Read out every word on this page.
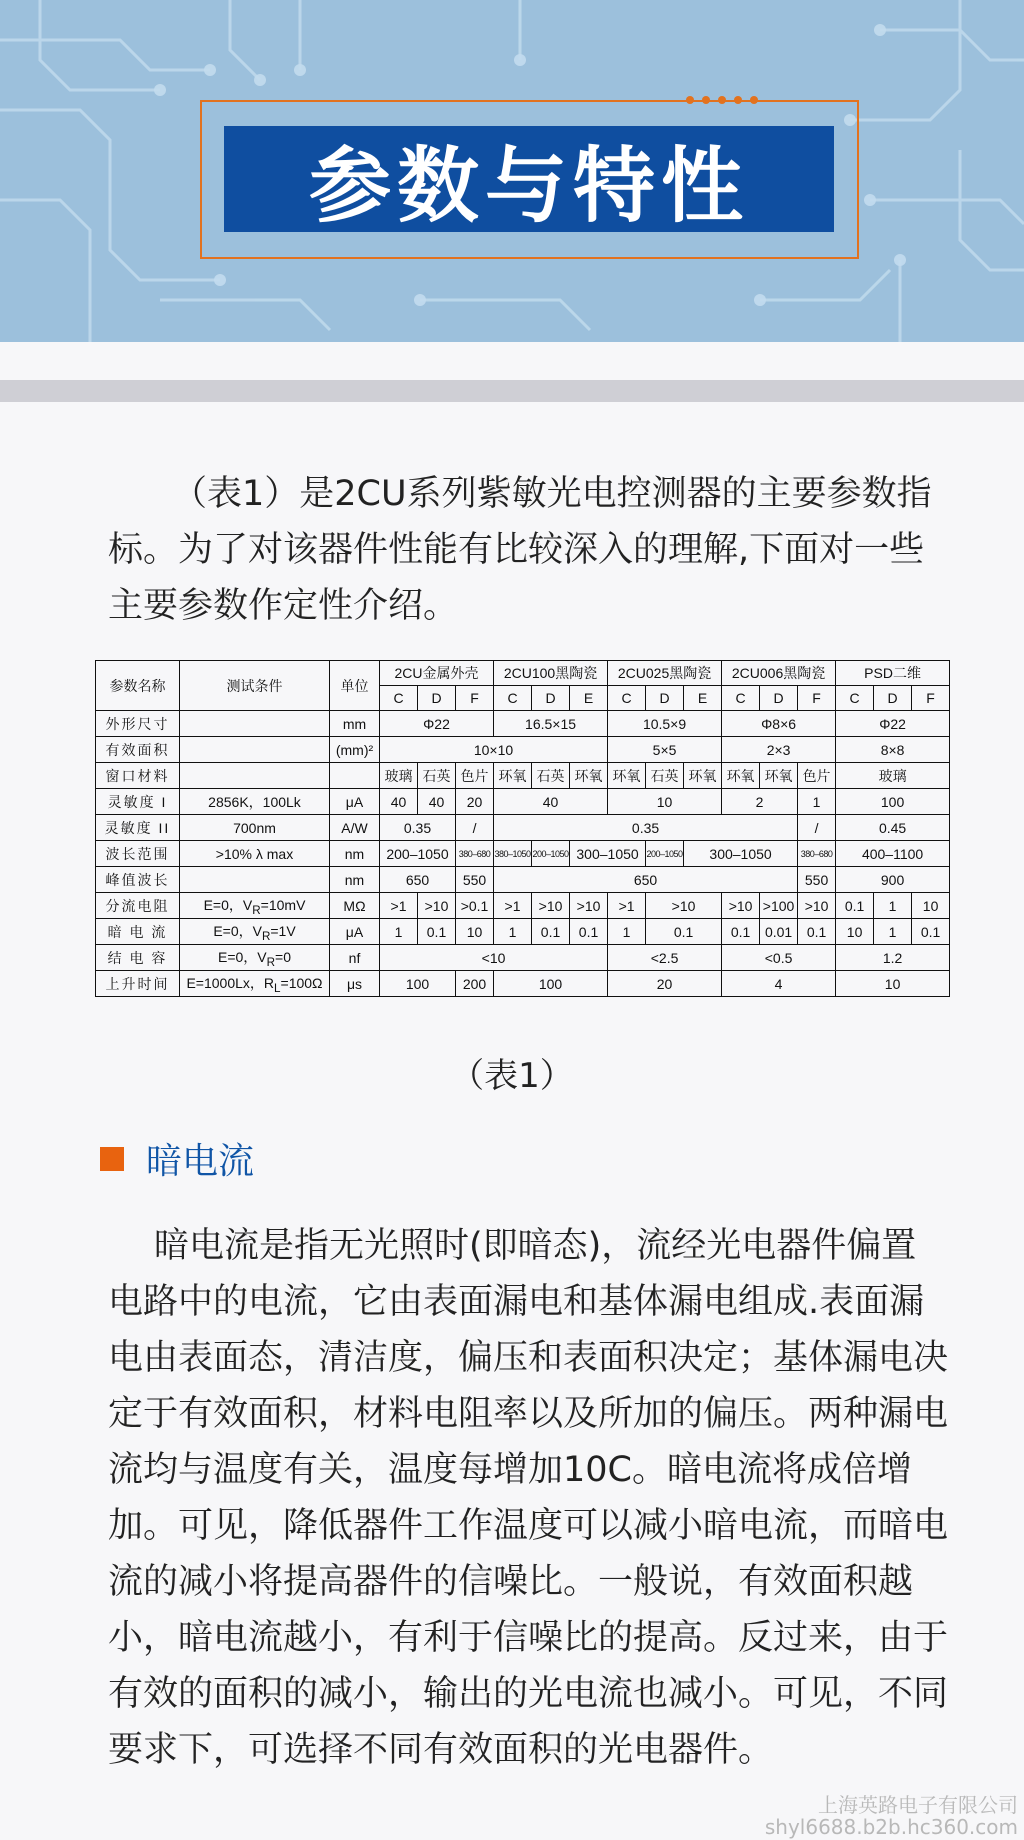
参数与特性
（表1）是2CU系列紫敏光电控测器的主要参数指标。为了对该器件性能有比较深入的理解,下面对一些主要参数作定性介绍。
参数名称	测试条件	单位	2CU金属外壳			2CU100黑陶瓷			2CU025黑陶瓷			2CU006黑陶瓷			PSD二维		
			C	D	F	C	D	E	C	D	E	C	D	F	C	D	F
外形尺寸		mm	Φ22			16.5×15			10.5×9			Φ8×6			Φ22		
有效面积		(mm)²	10×10						5×5			2×3			8×8		
窗口材料			玻璃	石英	色片	环氧	石英	环氧	环氧	石英	环氧	环氧	环氧	色片	玻璃		
灵敏度 I	2856K，100Lk	μA	40	40	20	40			10			2		1	100		
灵敏度 II	700nm	A/W	0.35		/	0.35								/	0.45		
波长范围	>10% λ max	nm	200–1050		380–680	380–1050	200–1050	300–1050		200–1050	300–1050			380–680	400–1100		
峰值波长		nm	650		550	650								550	900		
分流电阻	E=0，$V_R=10mV$	MΩ	>1	>10	>0.1	>1	>10	>10	>1	>10		>10	>100	>10	0.1	1	10
暗 电 流	E=0，$V_R=1V$	μA	1	0.1	10	1	0.1	0.1	1	0.1		0.1	0.01	0.1	10	1	0.1
结 电 容	E=0，$V_R=0$	nf	<10						<2.5			<0.5			1.2		
上升时间	E=1000Lx，$R_L=100\Omega$	μs	100		200	100			20			4			10		
（表1）
暗电流
暗电流是指无光照时(即暗态)，流经光电器件偏置电路中的电流，它由表面漏电和基体漏电组成.表面漏电由表面态，清洁度，偏压和表面积决定；基体漏电决定于有效面积，材料电阻率以及所加的偏压。两种漏电流均与温度有关，温度每增加10C。暗电流将成倍增加。可见，降低器件工作温度可以减小暗电流，而暗电流的减小将提高器件的信噪比。一般说，有效面积越小，暗电流越小，有利于信噪比的提高。反过来，由于有效的面积的减小，输出的光电流也减小。可见，不同要求下，可选择不同有效面积的光电器件。
上海英路电子有限公司
shyl6688.b2b.hc360.com
